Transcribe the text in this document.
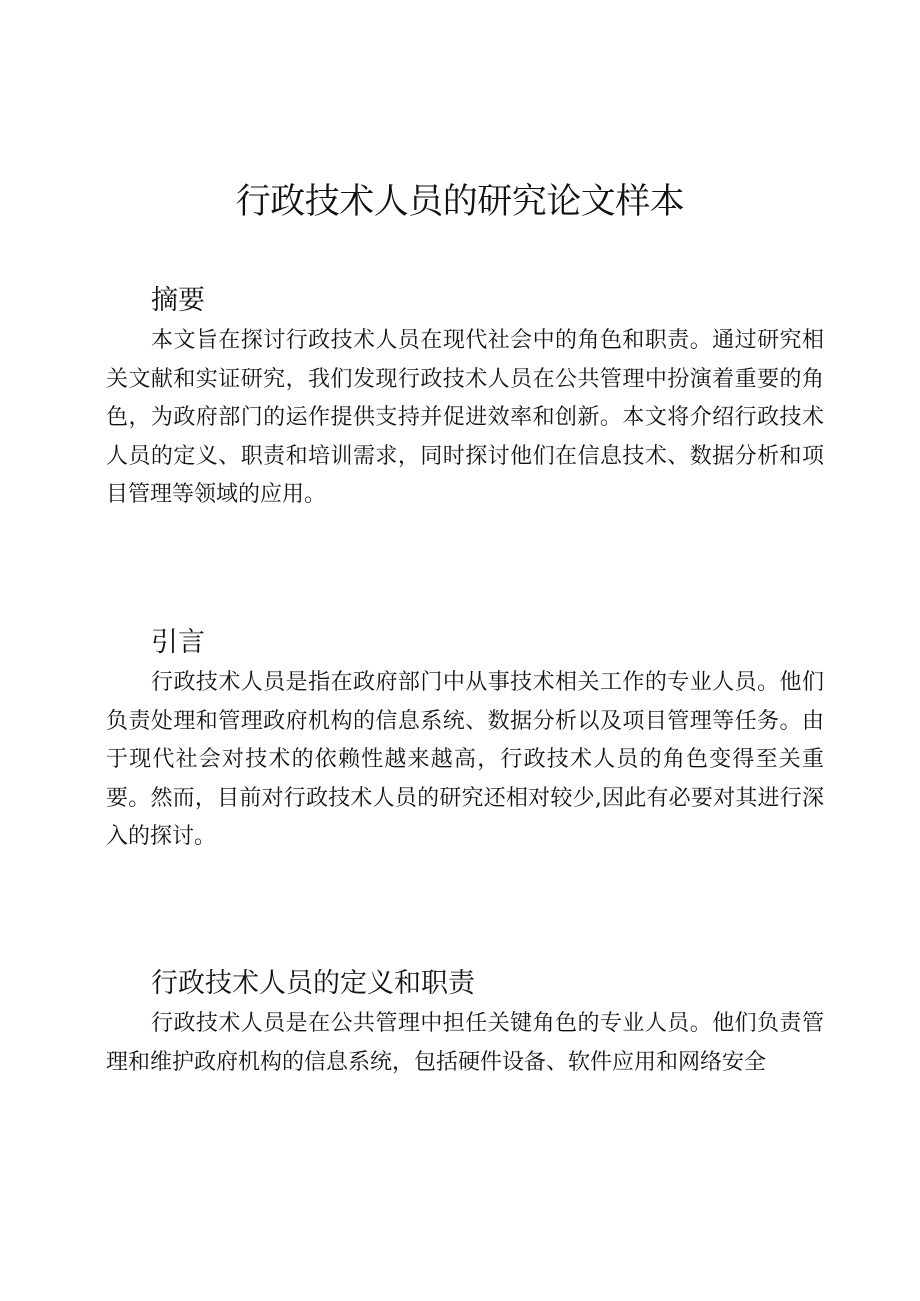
行政技术人员的研究论文样本
摘要

本文旨在探讨行政技术人员在现代社会中的角色和职责。通过研究相关文献和实证研究，我们发现行政技术人员在公共管理中扮演着重要的角色，为政府部门的运作提供支持并促进效率和创新。本文将介绍行政技术人员的定义、职责和培训需求，同时探讨他们在信息技术、数据分析和项目管理等领域的应用。

引言

行政技术人员是指在政府部门中从事技术相关工作的专业人员。他们负责处理和管理政府机构的信息系统、数据分析以及项目管理等任务。由于现代社会对技术的依赖性越来越高，行政技术人员的角色变得至关重要。然而，目前对行政技术人员的研究还相对较少,因此有必要对其进行深入的探讨。

行政技术人员的定义和职责

行政技术人员是在公共管理中担任关键角色的专业人员。他们负责管理和维护政府机构的信息系统，包括硬件设备、软件应用和网络安全
